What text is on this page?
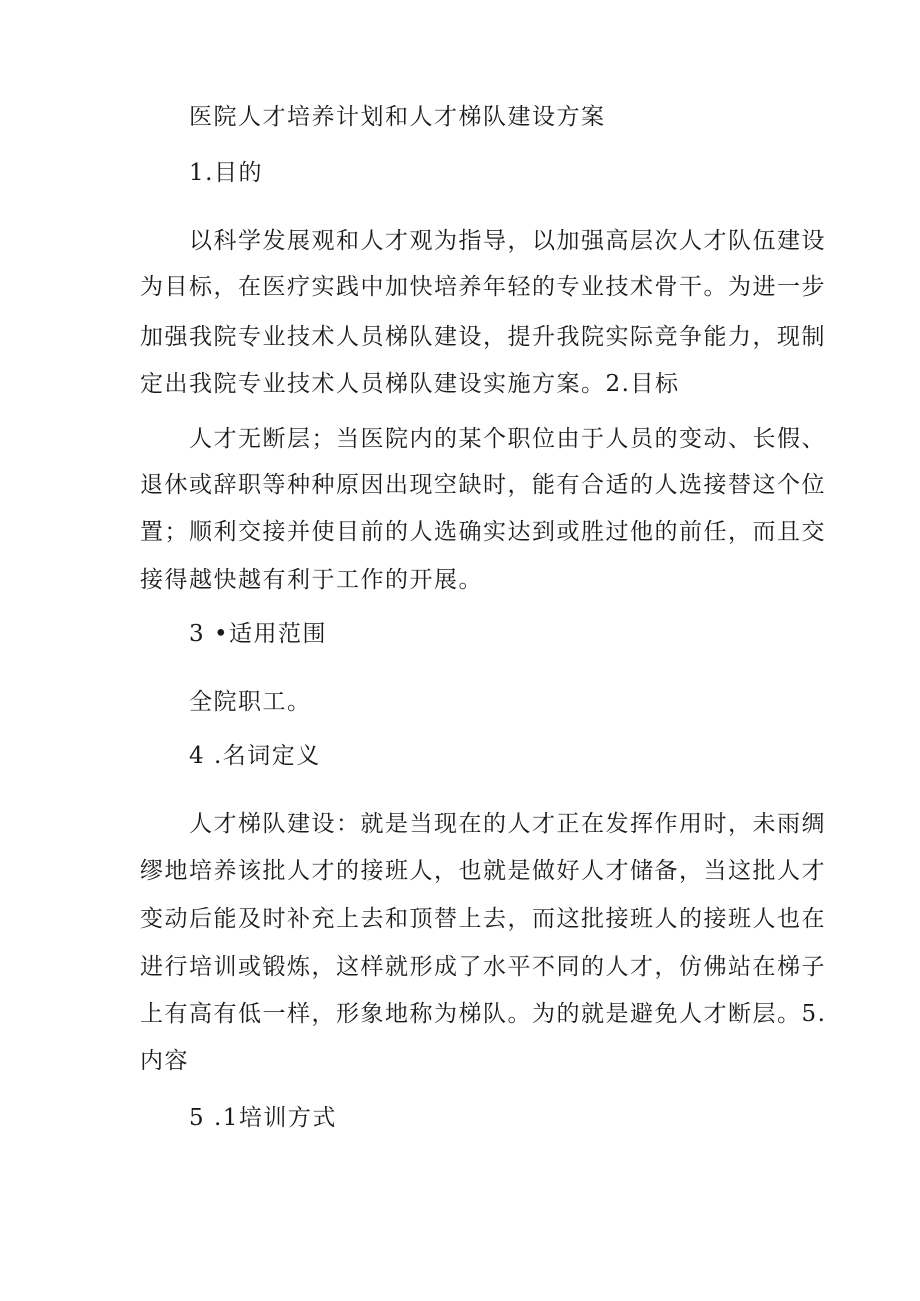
医院人才培养计划和人才梯队建设方案
1.目的
以科学发展观和人才观为指导，以加强高层次人才队伍建设
为目标，在医疗实践中加快培养年轻的专业技术骨干。为进一步
加强我院专业技术人员梯队建设，提升我院实际竞争能力，现制
定出我院专业技术人员梯队建设实施方案。2.目标
人才无断层；当医院内的某个职位由于人员的变动、长假、
退休或辞职等种种原因出现空缺时，能有合适的人选接替这个位
置；顺利交接并使目前的人选确实达到或胜过他的前任，而且交
接得越快越有利于工作的开展。
3 •适用范围
全院职工。
4 .名词定义
人才梯队建设：就是当现在的人才正在发挥作用时，未雨绸
缪地培养该批人才的接班人，也就是做好人才储备，当这批人才
变动后能及时补充上去和顶替上去，而这批接班人的接班人也在
进行培训或锻炼，这样就形成了水平不同的人才，仿佛站在梯子
上有高有低一样，形象地称为梯队。为的就是避免人才断层。5.
内容
5 .1培训方式
